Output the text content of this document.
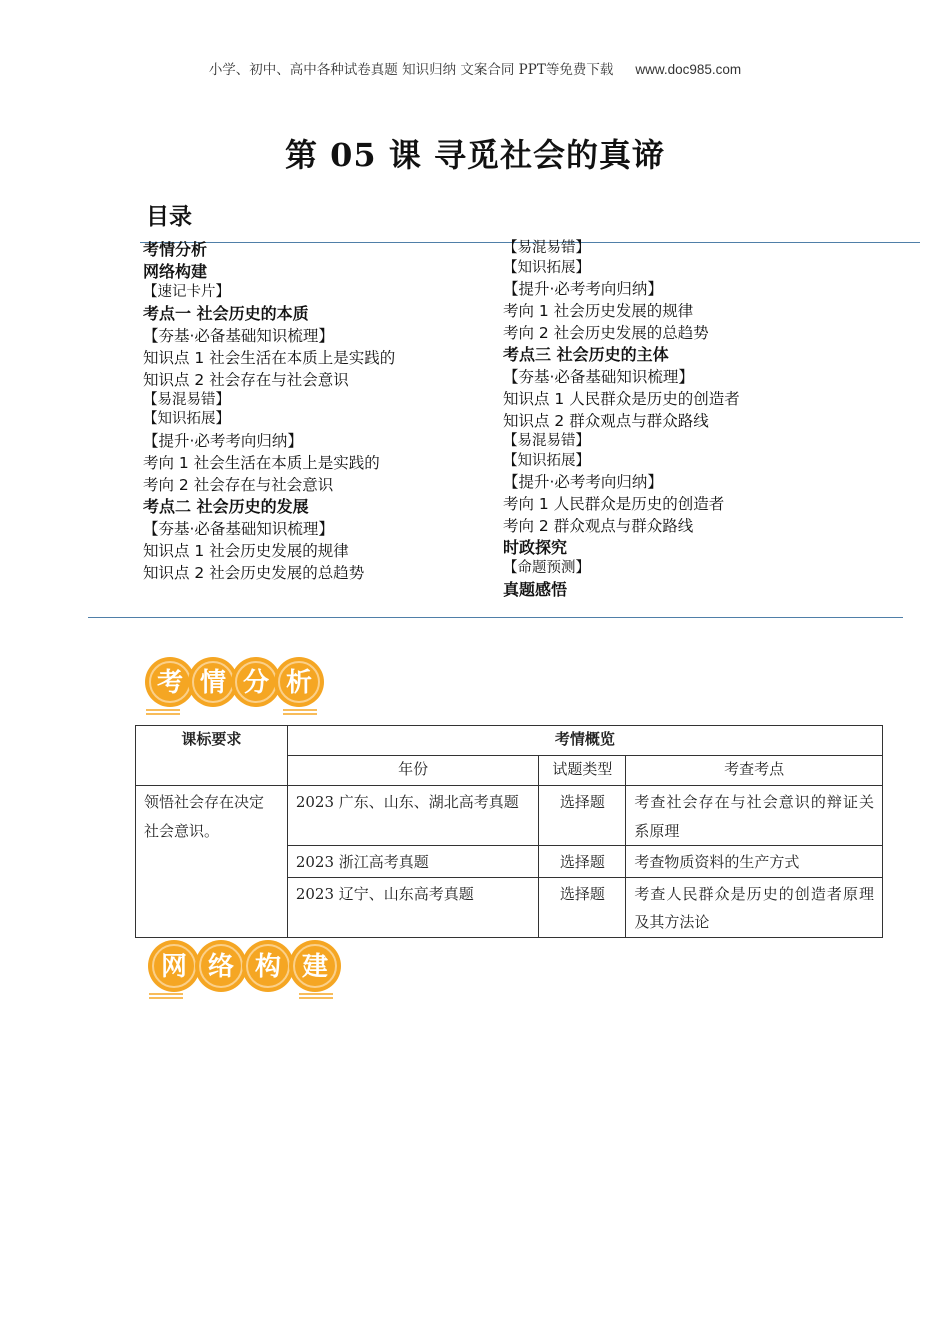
小学、初中、高中各种试卷真题 知识归纳 文案合同 PPT等免费下载 www.doc985.com
第 05 课 寻觅社会的真谛
目录
考情分析
网络构建
【速记卡片】
考点一 社会历史的本质
【夯基·必备基础知识梳理】
知识点 1 社会生活在本质上是实践的
知识点 2 社会存在与社会意识
【易混易错】
【知识拓展】
【提升·必考考向归纳】
考向 1 社会生活在本质上是实践的
考向 2 社会存在与社会意识
考点二 社会历史的发展
【夯基·必备基础知识梳理】
知识点 1 社会历史发展的规律
知识点 2 社会历史发展的总趋势
【易混易错】
【知识拓展】
【提升·必考考向归纳】
考向 1 社会历史发展的规律
考向 2 社会历史发展的总趋势
考点三 社会历史的主体
【夯基·必备基础知识梳理】
知识点 1 人民群众是历史的创造者
知识点 2 群众观点与群众路线
【易混易错】
【知识拓展】
【提升·必考考向归纳】
考向 1 人民群众是历史的创造者
考向 2 群众观点与群众路线
时政探究
【命题预测】
真题感悟
考 情 分 析
课标要求	考情概览		
	年份	试题类型	考查考点
领悟社会存在决定社会意识。	2023 广东、山东、湖北高考真题	选择题	考查社会存在与社会意识的辩证关系原理
	2023 浙江高考真题	选择题	考查物质资料的生产方式
	2023 辽宁、山东高考真题	选择题	考查人民群众是历史的创造者原理及其方法论
网 络 构 建
